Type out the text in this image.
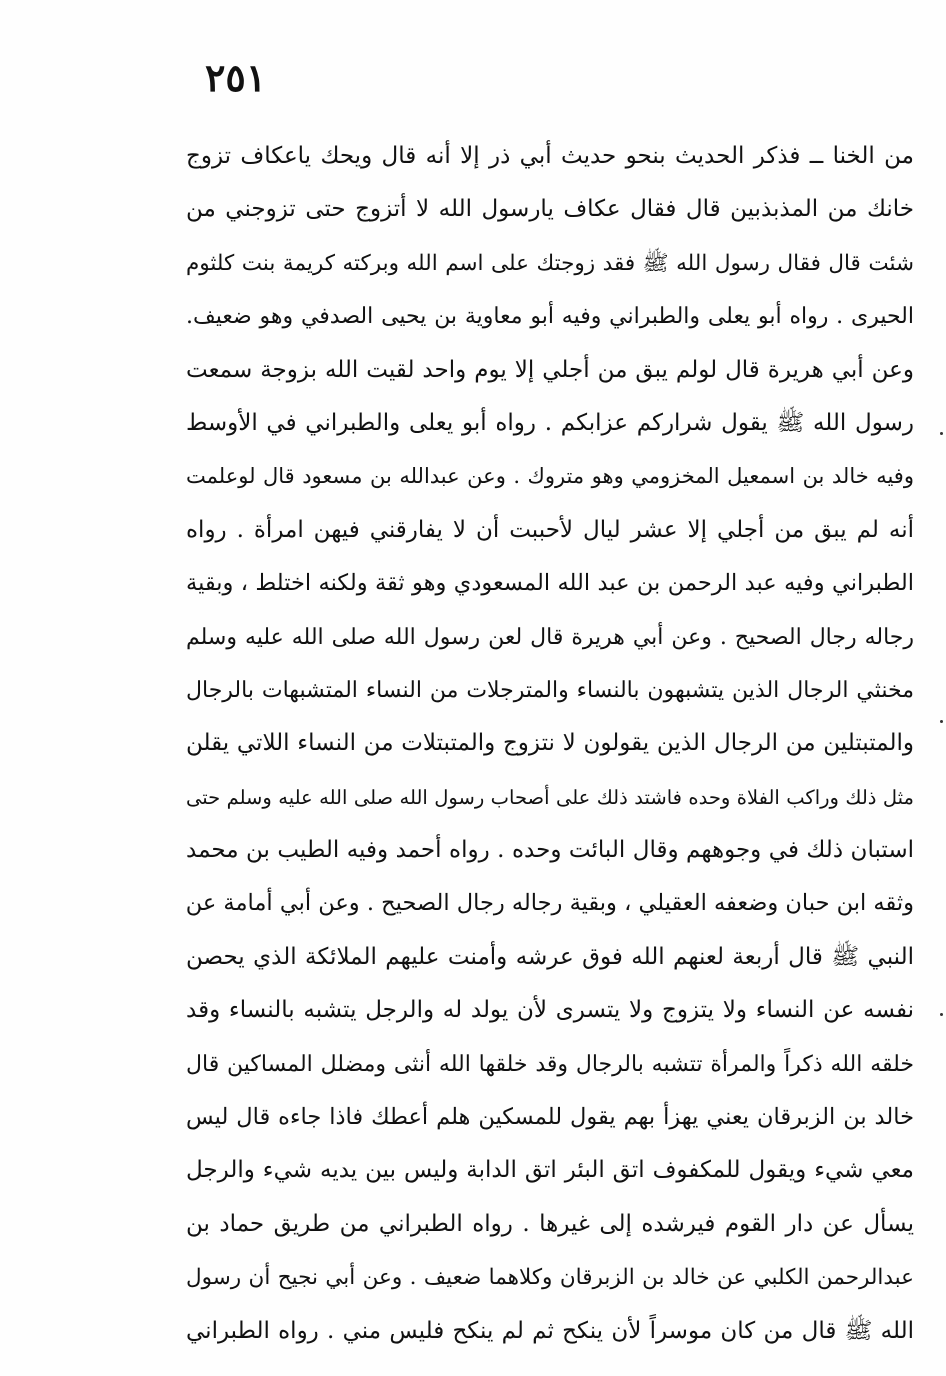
٢٥١
من الخنا ــ فذكر الحديث بنحو حديث أبي ذر إلا أنه قال ويحك ياعكاف تزوج
خانك من المذبذبين قال فقال عكاف يارسول الله لا أتزوج حتى تزوجني من
شئت قال فقال رسول الله ﷺ فقد زوجتك على اسم الله وبركته كريمة بنت كلثوم
الحيرى . رواه أبو يعلى والطبراني وفيه أبو معاوية بن يحيى الصدفي وهو ضعيف.
وعن أبي هريرة قال لولم يبق من أجلي إلا يوم واحد لقيت الله بزوجة سمعت
رسول الله ﷺ يقول شراركم عزابكم . رواه أبو يعلى والطبراني في الأوسط
وفيه خالد بن اسمعيل المخزومي وهو متروك . وعن عبدالله بن مسعود قال لوعلمت
أنه لم يبق من أجلي إلا عشر ليال لأحببت أن لا يفارقني فيهن امرأة . رواه
الطبراني وفيه عبد الرحمن بن عبد الله المسعودي وهو ثقة ولكنه اختلط ، وبقية
رجاله رجال الصحيح . وعن أبي هريرة قال لعن رسول الله صلى الله عليه وسلم
مخنثي الرجال الذين يتشبهون بالنساء والمترجلات من النساء المتشبهات بالرجال
والمتبتلين من الرجال الذين يقولون لا نتزوج والمتبتلات من النساء اللاتي يقلن
مثل ذلك وراكب الفلاة وحده فاشتد ذلك على أصحاب رسول الله صلى الله عليه وسلم حتى
استبان ذلك في وجوههم وقال البائت وحده . رواه أحمد وفيه الطيب بن محمد
وثقه ابن حبان وضعفه العقيلي ، وبقية رجاله رجال الصحيح . وعن أبي أمامة عن
النبي ﷺ قال أربعة لعنهم الله فوق عرشه وأمنت عليهم الملائكة الذي يحصن
نفسه عن النساء ولا يتزوج ولا يتسرى لأن يولد له والرجل يتشبه بالنساء وقد
خلقه الله ذكراً والمرأة تتشبه بالرجال وقد خلقها الله أنثى ومضلل المساكين قال
خالد بن الزبرقان يعني يهزأ بهم يقول للمسكين هلم أعطك فاذا جاءه قال ليس
معي شيء ويقول للمكفوف اتق البئر اتق الدابة وليس بين يديه شيء والرجل
يسأل عن دار القوم فيرشده إلى غيرها . رواه الطبراني من طريق حماد بن
عبدالرحمن الكلبي عن خالد بن الزبرقان وكلاهما ضعيف . وعن أبي نجيح أن رسول
الله ﷺ قال من كان موسراً لأن ينكح ثم لم ينكح فليس مني . رواه الطبراني
